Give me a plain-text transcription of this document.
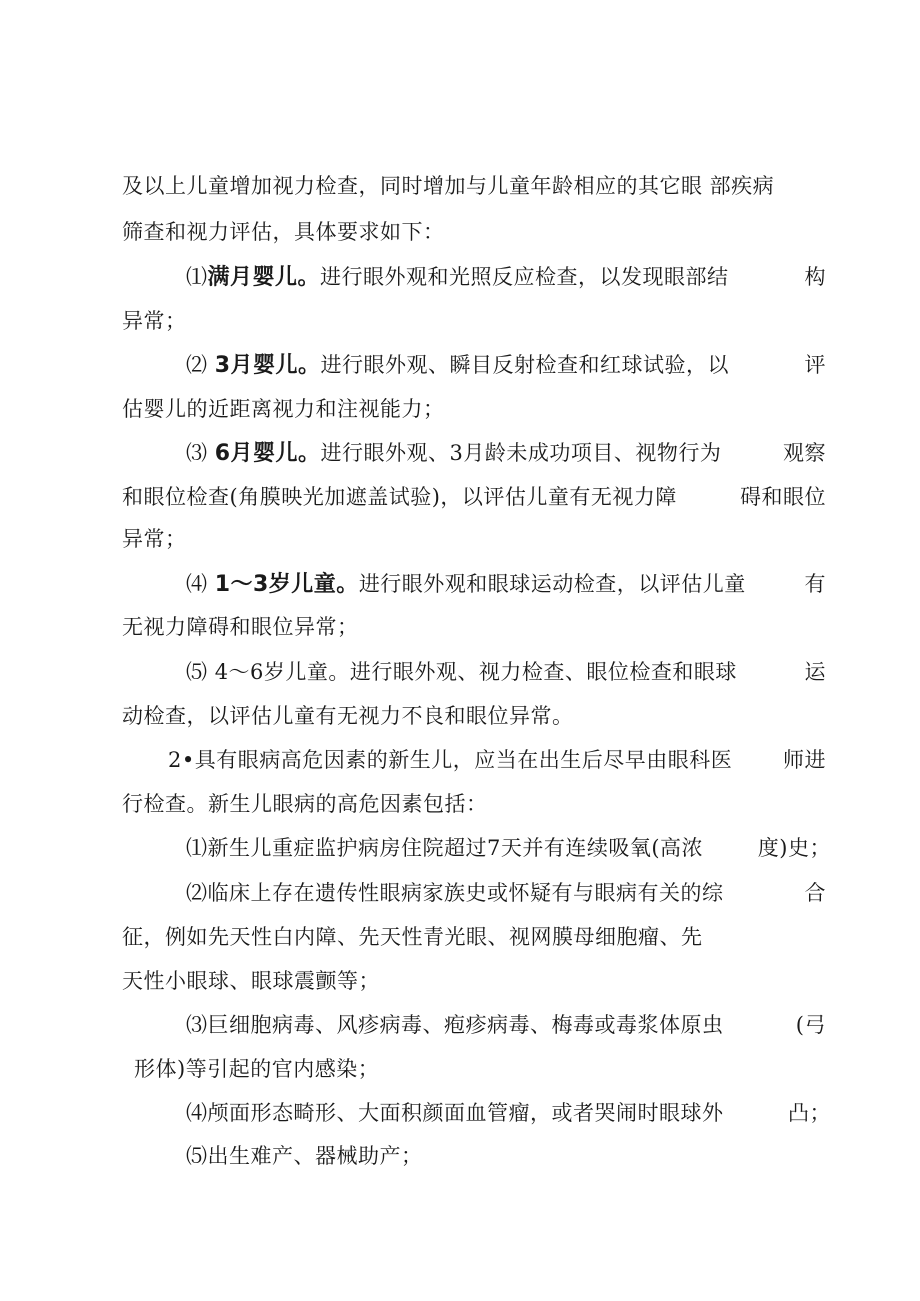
及以上儿童增加视力检查，同时增加与儿童年龄相应的其它眼 部疾病
筛查和视力评估，具体要求如下：
⑴满月婴儿。进行眼外观和光照反应检查，以发现眼部结	构
异常；
⑵ 3月婴儿。进行眼外观、瞬目反射检查和红球试验，以	评
估婴儿的近距离视力和注视能力；
⑶ 6月婴儿。进行眼外观、3月龄未成功项目、视物行为	观察
和眼位检查(角膜映光加遮盖试验)，以评估儿童有无视力障	碍和眼位
异常；
⑷ 1～3岁儿童。进行眼外观和眼球运动检查，以评估儿童	有
无视力障碍和眼位异常；
⑸ 4～6岁儿童。进行眼外观、视力检查、眼位检查和眼球	运
动检查，以评估儿童有无视力不良和眼位异常。
2•具有眼病高危因素的新生儿，应当在出生后尽早由眼科医 师进
行检查。新生儿眼病的高危因素包括：
⑴新生儿重症监护病房住院超过7天并有连续吸氧(高浓	度)史；
⑵临床上存在遗传性眼病家族史或怀疑有与眼病有关的综	合
征，例如先天性白内障、先天性青光眼、视网膜母细胞瘤、先
天性小眼球、眼球震颤等；
⑶巨细胞病毒、风疹病毒、疱疹病毒、梅毒或毒浆体原虫	(弓
形体)等引起的官内感染；
⑷颅面形态畸形、大面积颜面血管瘤，或者哭闹时眼球外	凸；
⑸出生难产、器械助产；
